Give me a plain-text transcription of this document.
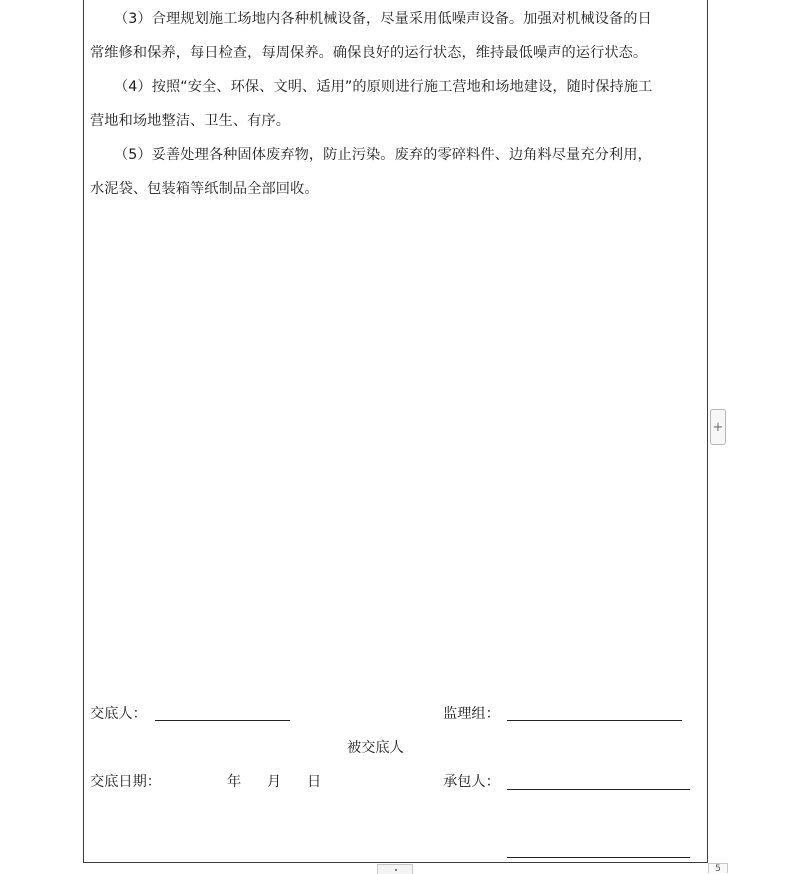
（3）合理规划施工场地内各种机械设备，尽量采用低噪声设备。加强对机械设备的日
常维修和保养，每日检查，每周保养。确保良好的运行状态，维持最低噪声的运行状态。

（4）按照“安全、环保、文明、适用”的原则进行施工营地和场地建设，随时保持施工
营地和场地整洁、卫生、有序。

（5）妥善处理各种固体废弃物，防止污染。废弃的零碎料件、边角料尽量充分利用，
水泥袋、包装箱等纸制品全部回收。

交底人：	监理组：
被交底人
交底日期：	年 月 日	承包人：
+
5
